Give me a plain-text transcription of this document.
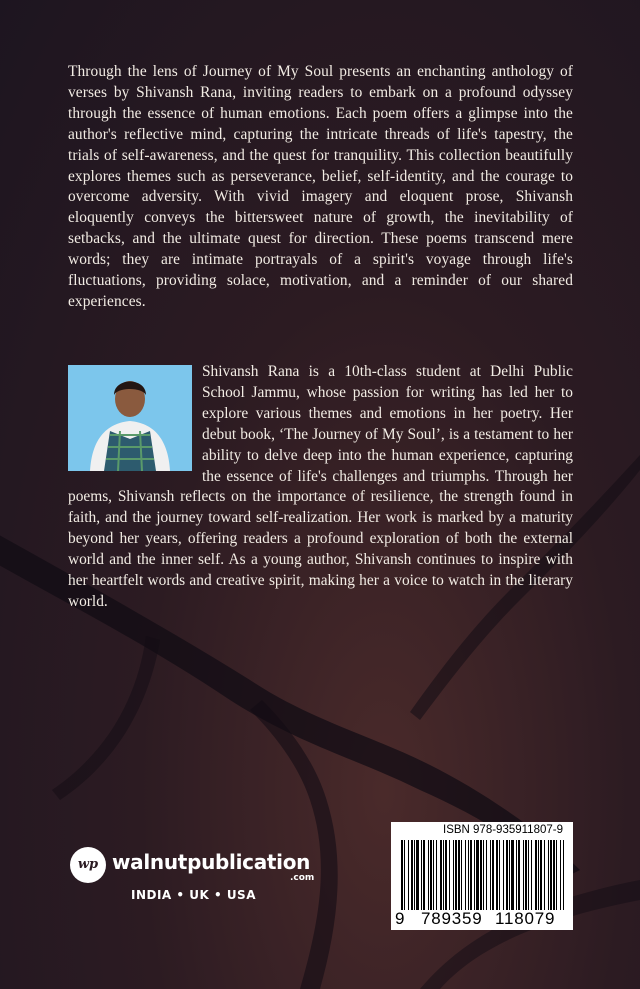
Through the lens of Journey of My Soul presents an enchanting anthology of verses by Shivansh Rana, inviting readers to embark on a profound odyssey through the essence of human emotions. Each poem offers a glimpse into the author's reflective mind, capturing the intricate threads of life's tapestry, the trials of self-awareness, and the quest for tranquility. This collection beautifully explores themes such as perseverance, belief, self-identity, and the courage to overcome adversity. With vivid imagery and eloquent prose, Shivansh eloquently conveys the bittersweet nature of growth, the inevitability of setbacks, and the ultimate quest for direction. These poems transcend mere words; they are intimate portrayals of a spirit's voyage through life's fluctuations, providing solace, motivation, and a reminder of our shared experiences.

Shivansh Rana is a 10th-class student at Delhi Public School Jammu, whose passion for writing has led her to explore various themes and emotions in her poetry. Her debut book, ‘The Journey of My Soul’, is a testament to her ability to delve deep into the human experience, capturing the essence of life's challenges and triumphs. Through her poems, Shivansh reflects on the importance of resilience, the strength found in faith, and the journey toward self-realization. Her work is marked by a maturity beyond her years, offering readers a profound exploration of both the external world and the inner self. As a young author, Shivansh continues to inspire with her heartfelt words and creative spirit, making her a voice to watch in the literary world.
wp walnutpublication
.com
INDIA • UK • USA
ISBN 978-935911807-9
9 789359 118079
